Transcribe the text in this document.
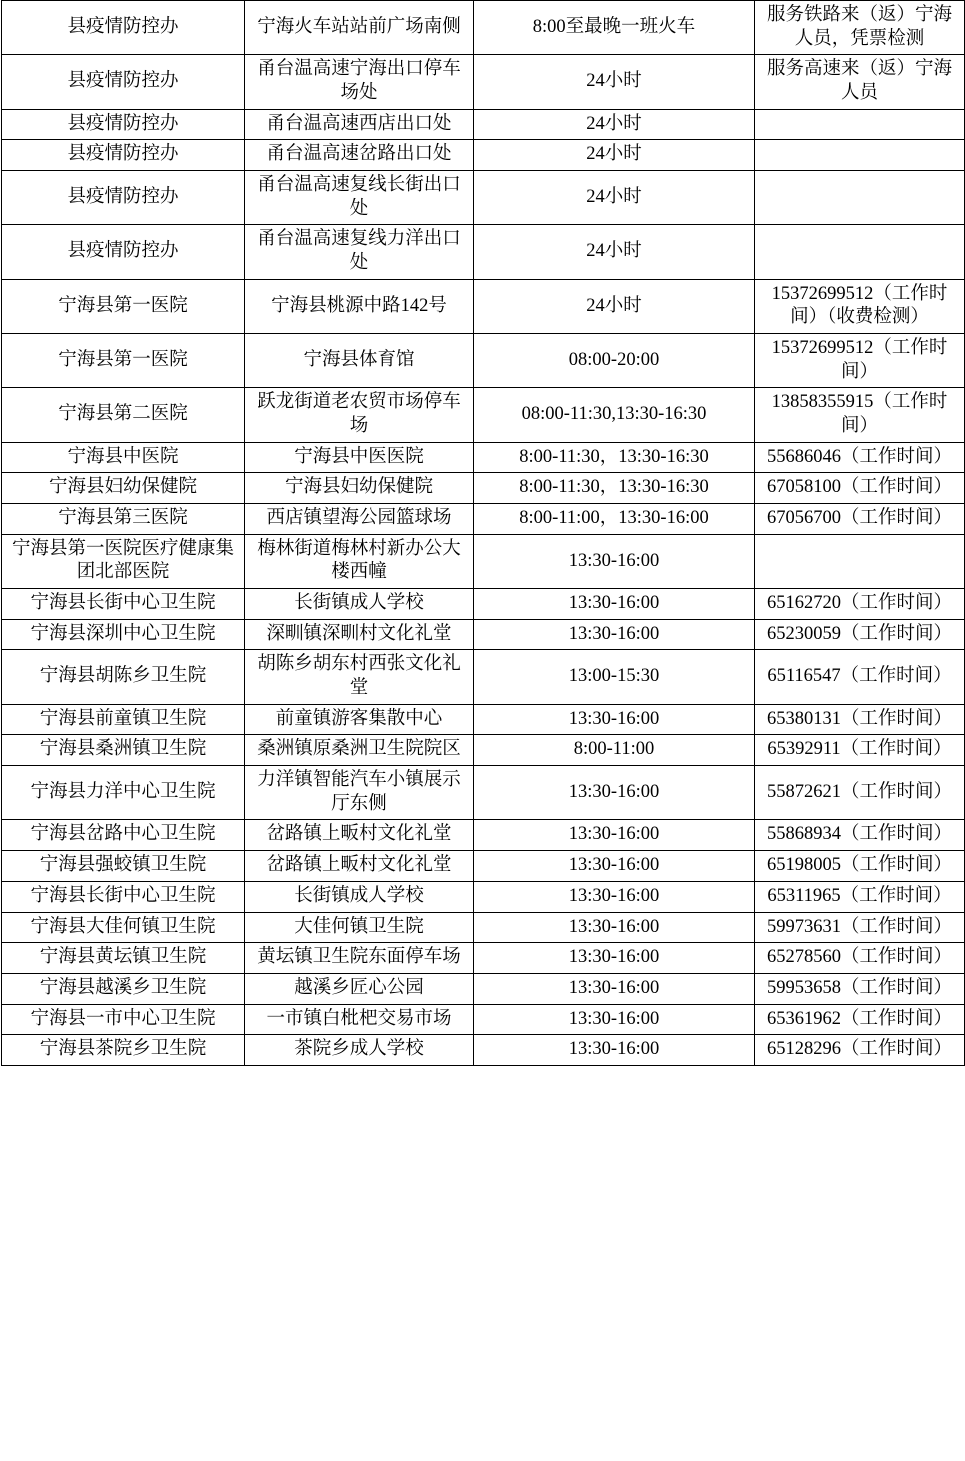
县疫情防控办	宁海火车站站前广场南侧	8:00至最晚一班火车	服务铁路来（返）宁海人员，凭票检测
县疫情防控办	甬台温高速宁海出口停车场处	24小时	服务高速来（返）宁海人员
县疫情防控办	甬台温高速西店出口处	24小时	
县疫情防控办	甬台温高速岔路出口处	24小时	
县疫情防控办	甬台温高速复线长街出口处	24小时	
县疫情防控办	甬台温高速复线力洋出口处	24小时	
宁海县第一医院	宁海县桃源中路142号	24小时	15372699512（工作时间）（收费检测）
宁海县第一医院	宁海县体育馆	08:00-20:00	15372699512（工作时间）
宁海县第二医院	跃龙街道老农贸市场停车场	08:00-11:30,13:30-16:30	13858355915（工作时间）
宁海县中医院	宁海县中医医院	8:00-11:30，13:30-16:30	55686046（工作时间）
宁海县妇幼保健院	宁海县妇幼保健院	8:00-11:30，13:30-16:30	67058100（工作时间）
宁海县第三医院	西店镇望海公园篮球场	8:00-11:00，13:30-16:00	67056700（工作时间）
宁海县第一医院医疗健康集团北部医院	梅林街道梅林村新办公大楼西幢	13:30-16:00	
宁海县长街中心卫生院	长街镇成人学校	13:30-16:00	65162720（工作时间）
宁海县深圳中心卫生院	深甽镇深甽村文化礼堂	13:30-16:00	65230059（工作时间）
宁海县胡陈乡卫生院	胡陈乡胡东村西张文化礼堂	13:00-15:30	65116547（工作时间）
宁海县前童镇卫生院	前童镇游客集散中心	13:30-16:00	65380131（工作时间）
宁海县桑洲镇卫生院	桑洲镇原桑洲卫生院院区	8:00-11:00	65392911（工作时间）
宁海县力洋中心卫生院	力洋镇智能汽车小镇展示厅东侧	13:30-16:00	55872621（工作时间）
宁海县岔路中心卫生院	岔路镇上畈村文化礼堂	13:30-16:00	55868934（工作时间）
宁海县强蛟镇卫生院	岔路镇上畈村文化礼堂	13:30-16:00	65198005（工作时间）
宁海县长街中心卫生院	长街镇成人学校	13:30-16:00	65311965（工作时间）
宁海县大佳何镇卫生院	大佳何镇卫生院	13:30-16:00	59973631（工作时间）
宁海县黄坛镇卫生院	黄坛镇卫生院东面停车场	13:30-16:00	65278560（工作时间）
宁海县越溪乡卫生院	越溪乡匠心公园	13:30-16:00	59953658（工作时间）
宁海县一市中心卫生院	一市镇白枇杷交易市场	13:30-16:00	65361962（工作时间）
宁海县茶院乡卫生院	茶院乡成人学校	13:30-16:00	65128296（工作时间）
